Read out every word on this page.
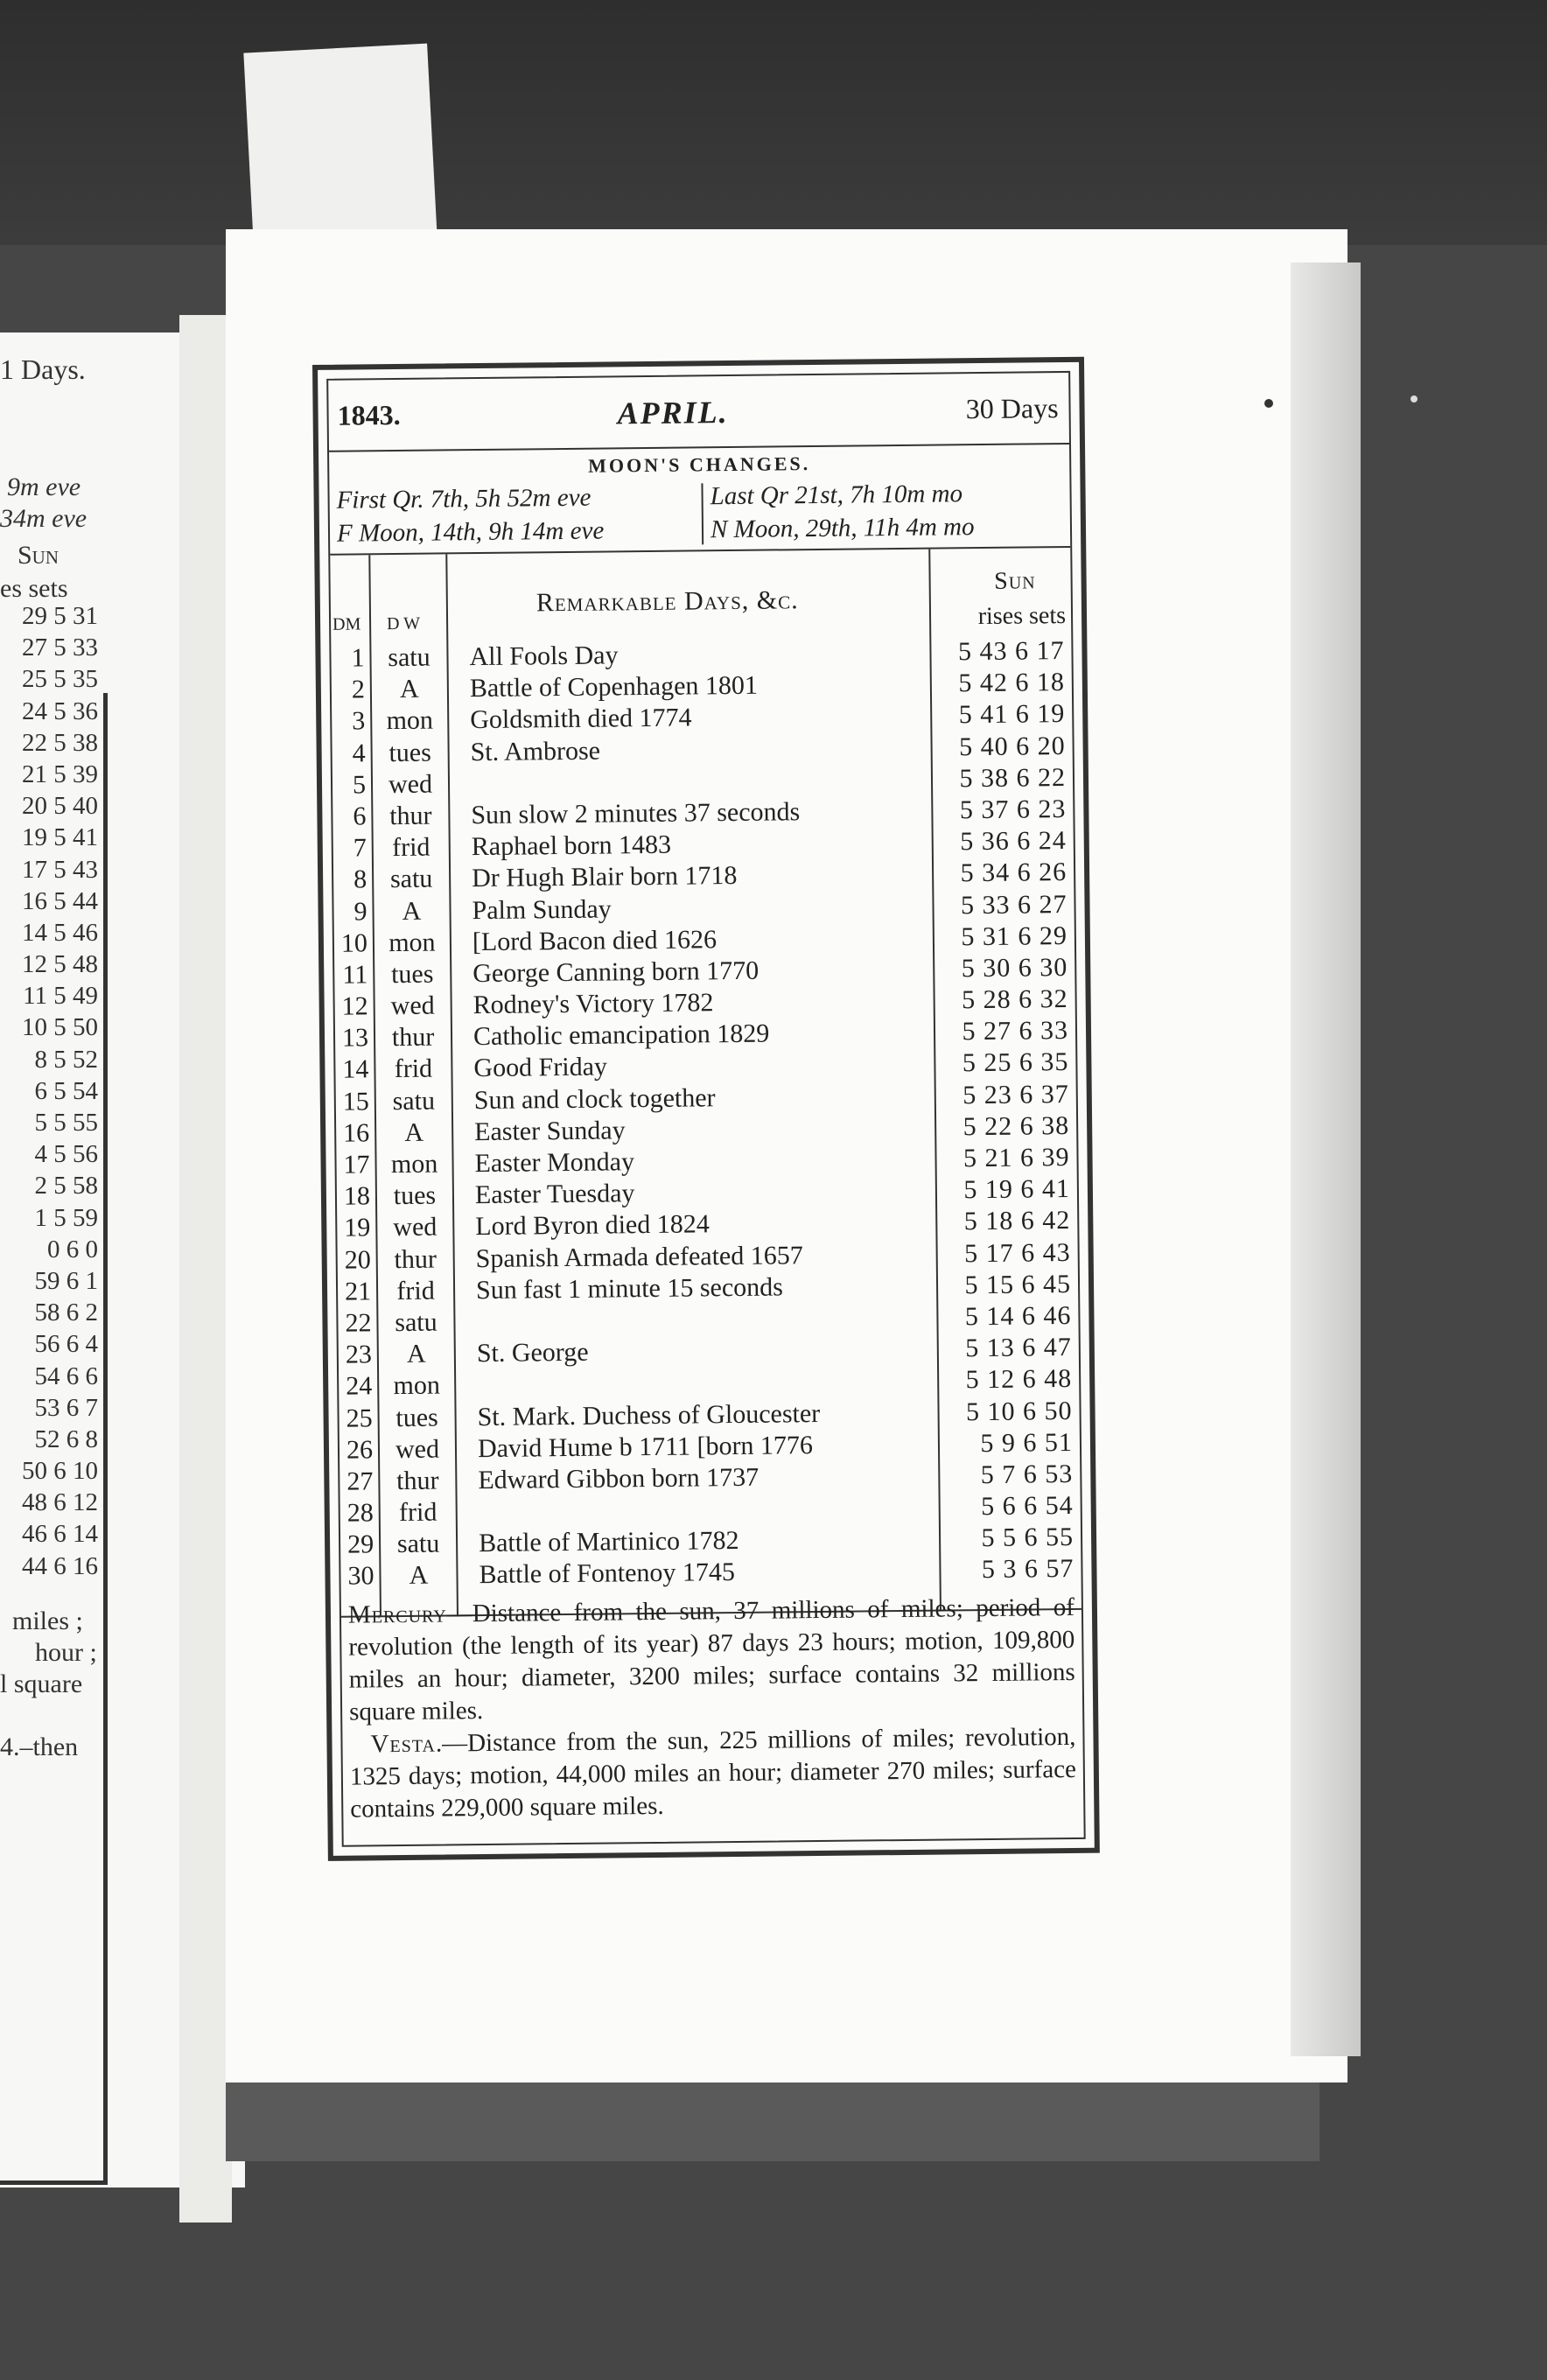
1 Days.
9m eve
34m eve
Sun
es sets
29 5 31
27 5 33
25 5 35
24 5 36
22 5 38
21 5 39
20 5 40
19 5 41
17 5 43
16 5 44
14 5 46
12 5 48
11 5 49
10 5 50
8 5 52
6 5 54
5 5 55
4 5 56
2 5 58
1 5 59
0 6 0
59 6 1
58 6 2
56 6 4
54 6 6
53 6 7
52 6 8
50 6 10
48 6 12
46 6 14
44 6 16
miles ;
hour ;
l square
4.–then
1843.	APRIL.	30 Days
MOON'S CHANGES.
First Qr. 7th, 5h 52m eve
F Moon, 14th, 9h 14m eve
Last Qr 21st, 7h 10m mo
N Moon, 29th, 11h 4m mo
DM D W
Remarkable Days, &c.
Sun
rises sets
1 satu	All Fools Day	5 43 6 17
2	A	Battle of Copenhagen 1801	5 42 6 18
3 mon	Goldsmith died 1774	5 41 6 19
4 tues	St. Ambrose	5 40 6 20
5 wed	5 38 6 22
6 thur	Sun slow 2 minutes 37 seconds	5 37 6 23
7 frid	Raphael born 1483	5 36 6 24
8 satu	Dr Hugh Blair born 1718	5 34 6 26
9	A	Palm Sunday	5 33 6 27
10 mon	[Lord Bacon died 1626	5 31 6 29
11 tues	George Canning born 1770	5 30 6 30
12 wed	Rodney's Victory 1782	5 28 6 32
13 thur	Catholic emancipation 1829	5 27 6 33
14 frid	Good Friday	5 25 6 35
15 satu	Sun and clock together	5 23 6 37
16	A	Easter Sunday	5 22 6 38
17 mon	Easter Monday	5 21 6 39
18 tues	Easter Tuesday	5 19 6 41
19 wed	Lord Byron died 1824	5 18 6 42
20 thur	Spanish Armada defeated 1657	5 17 6 43
21 frid	Sun fast 1 minute 15 seconds	5 15 6 45
22 satu	5 14 6 46
23	A	St. George	5 13 6 47
24 mon	5 12 6 48
25 tues	St. Mark. Duchess of Gloucester	5 10 6 50
26 wed	David Hume b 1711 [born 1776	5 9 6 51
27 thur	Edward Gibbon born 1737	5 7 6 53
28 frid	5 6 6 54
29 satu	Battle of Martinico 1782	5 5 6 55
30	A	Battle of Fontenoy 1745	5 3 6 57

Mercury—Distance from the sun, 37 millions of miles; period of revolution (the length of its year) 87 days 23 hours; motion, 109,800 miles an hour; diameter, 3200 miles; surface contains 32 millions square miles.

Vesta.—Distance from the sun, 225 millions of miles; revolution, 1325 days; motion, 44,000 miles an hour; diameter 270 miles; surface contains 229,000 square miles.
